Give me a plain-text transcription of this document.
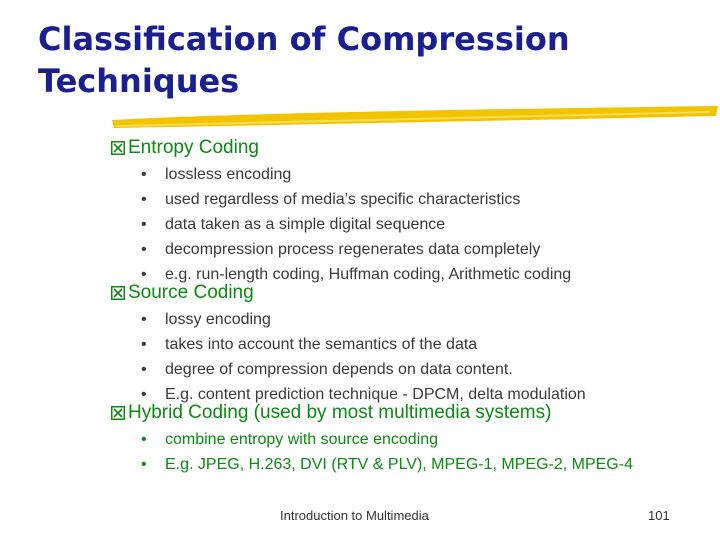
Classification of Compression
Techniques
Entropy Coding
• lossless encoding
• used regardless of media’s specific characteristics
• data taken as a simple digital sequence
• decompression process regenerates data completely
• e.g. run-length coding, Huffman coding, Arithmetic coding
Source Coding
• lossy encoding
• takes into account the semantics of the data
• degree of compression depends on data content.
• E.g. content prediction technique - DPCM, delta modulation
Hybrid Coding (used by most multimedia systems)
• combine entropy with source encoding
• E.g. JPEG, H.263, DVI (RTV & PLV), MPEG-1, MPEG-2, MPEG-4
Introduction to Multimedia	101
